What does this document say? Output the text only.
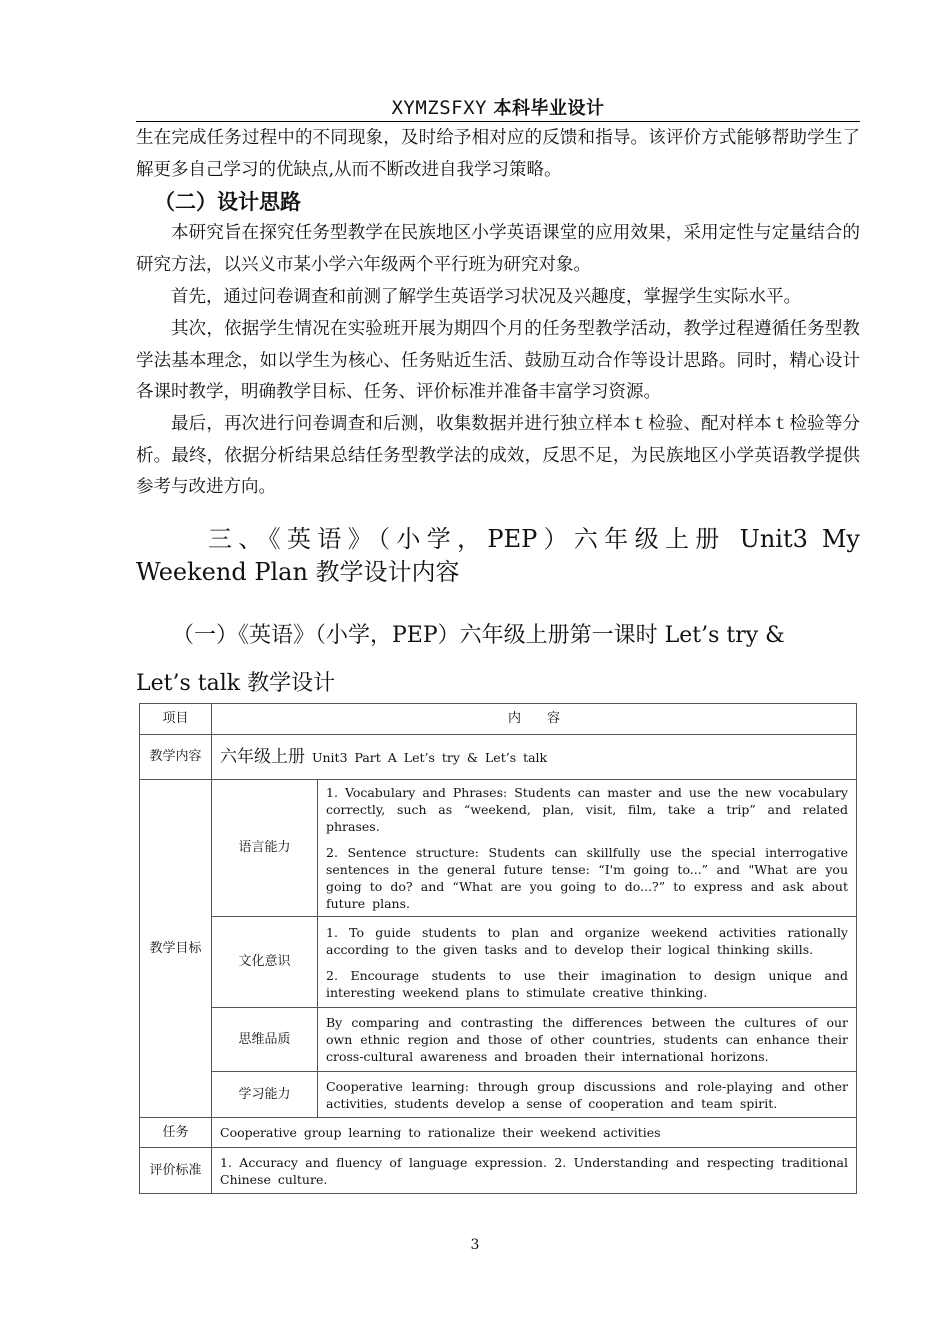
XYMZSFXY 本科毕业设计

生在完成任务过程中的不同现象，及时给予相对应的反馈和指导。该评价方式能够帮助学生了解更多自己学习的优缺点,从而不断改进自我学习策略。

（二）设计思路

本研究旨在探究任务型教学在民族地区小学英语课堂的应用效果，采用定性与定量结合的研究方法，以兴义市某小学六年级两个平行班为研究对象。

首先，通过问卷调查和前测了解学生英语学习状况及兴趣度，掌握学生实际水平。

其次，依据学生情况在实验班开展为期四个月的任务型教学活动，教学过程遵循任务型教学法基本理念，如以学生为核心、任务贴近生活、鼓励互动合作等设计思路。同时，精心设计各课时教学，明确教学目标、任务、评价标准并准备丰富学习资源。

最后，再次进行问卷调查和后测，收集数据并进行独立样本ｔ检验、配对样本ｔ检验等分析。最终，依据分析结果总结任务型教学法的成效，反思不足，为民族地区小学英语教学提供参考与改进方向。

三、《英语》（小学，PEP）六年级上册 Unit3 My
Weekend Plan 教学设计内容
（一）《英语》（小学，PEP）六年级上册第一课时 Let’s try &
Let’s talk 教学设计
项目	内　　容	
教学内容	六年级上册 Unit3 Part A Let’s try & Let’s talk	
教学目标	语言能力	1. Vocabulary and Phrases: Students can master and use the new vocabulary correctly, such as “weekend, plan, visit, film, take a trip” and related phrases.

2. Sentence structure: Students can skillfully use the special interrogative sentences in the general future tense: “I'm going to...” and "What are you going to do? and “What are you going to do...?” to express and ask about future plans.

	文化意识	1. To guide students to plan and organize weekend activities rationally according to the given tasks and to develop their logical thinking skills.

2. Encourage students to use their imagination to design unique and interesting weekend plans to stimulate creative thinking.

	思维品质	By comparing and contrasting the differences between the cultures of our own ethnic region and those of other countries, students can enhance their cross-cultural awareness and broaden their international horizons.

	学习能力	Cooperative learning: through group discussions and role-playing and other activities, students develop a sense of cooperation and team spirit.

任务	Cooperative group learning to rationalize their weekend activities	
评价标准	1. Accuracy and fluency of language expression. 2. Understanding and respecting traditional Chinese culture.	
3
